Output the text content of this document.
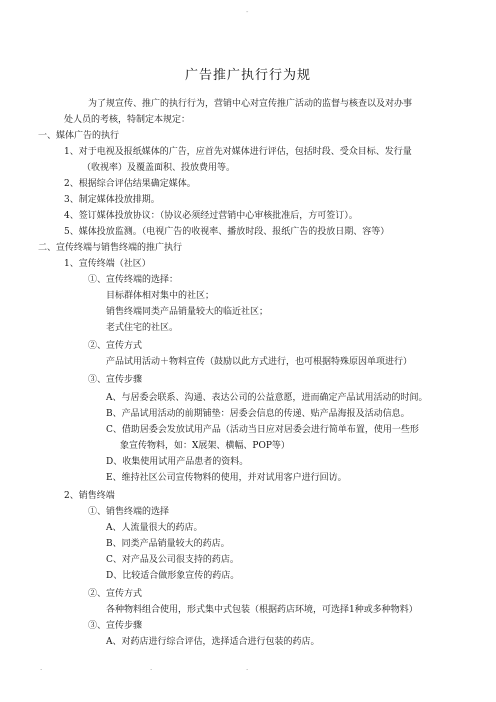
-
广告推广执行行为规
为了规宣传、推广的执行行为，营销中心对宣传推广活动的监督与核查以及对办事
处人员的考核，特制定本规定：
一、媒体广告的执行
1、对于电视及报纸媒体的广告，应首先对媒体进行评估，包括时段、受众目标、发行量
（收视率）及覆盖面积、投放费用等。
2、根据综合评估结果确定媒体。
3、制定媒体投放排期。
4、签订媒体投放协议：（协议必须经过营销中心审核批准后，方可签订）。
5、媒体投放监测。（电视广告的收视率、播放时段、报纸广告的投放日期、容等）
二、宣传终端与销售终端的推广执行
1、宣传终端（社区）
①、宣传终端的选择：
目标群体相对集中的社区；
销售终端同类产品销量较大的临近社区；
老式住宅的社区。
②、宣传方式
产品试用活动＋物料宣传（鼓励以此方式进行，也可根据特殊原因单项进行）
③、宣传步骤
A、与居委会联系、沟通、表达公司的公益意愿，进而确定产品试用活动的时间。
B、产品试用活动的前期铺垫：居委会信息的传递、贴产品海报及活动信息。
C、借助居委会发放试用产品（活动当日应对居委会进行简单布置，使用一些形
象宣传物料，如：X展架、横幅、POP等）
D、收集使用试用产品患者的资料。
E、维持社区公司宣传物料的使用，并对试用客户进行回访。
2、销售终端
①、销售终端的选择
A、人流量很大的药店。
B、同类产品销量较大的药店。
C、对产品及公司很支持的药店。
D、比较适合做形象宣传的药店。
②、宣传方式
各种物料组合使用，形式集中式包装（根据药店环境，可选择1种或多种物料）
③、宣传步骤
A、对药店进行综合评估，选择适合进行包装的药店。
.	.	.
